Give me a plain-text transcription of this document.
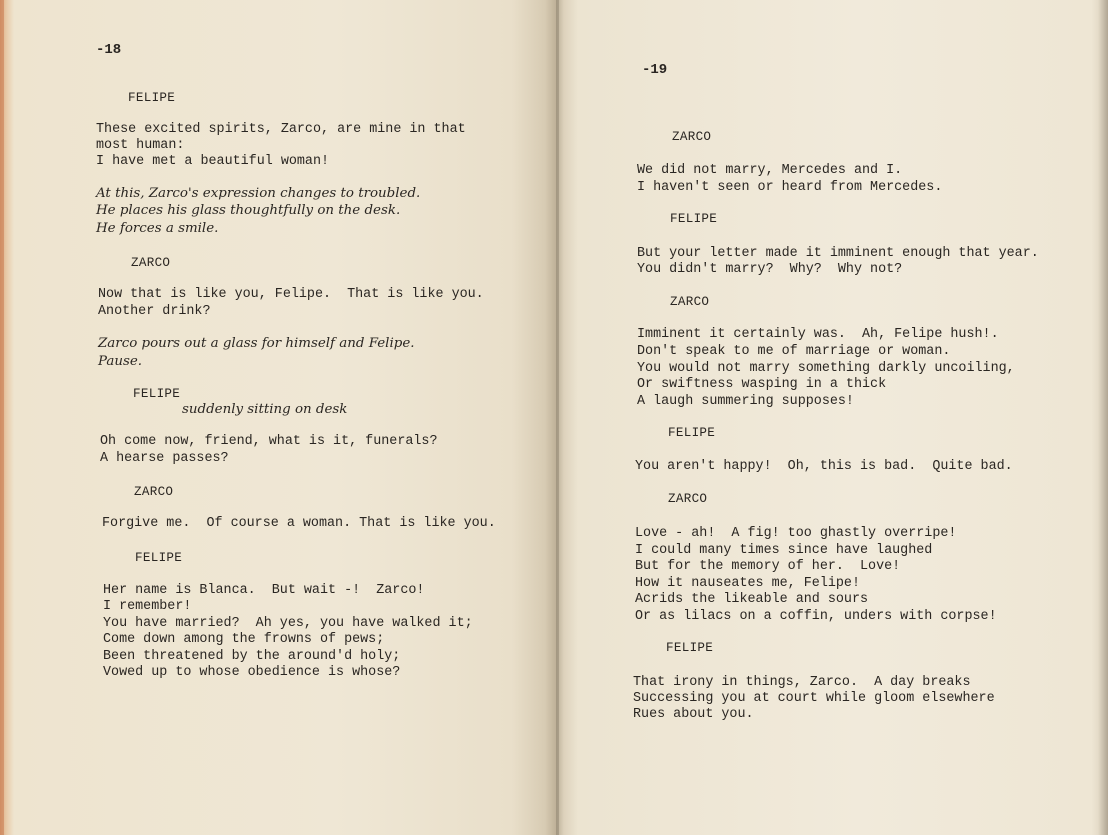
-18
FELIPE
These excited spirits, Zarco, are mine in that
most human:
I have met a beautiful woman!
At this, Zarco's expression changes to troubled.
He places his glass thoughtfully on the desk.
He forces a smile.
ZARCO
Now that is like you, Felipe.  That is like you.
Another drink?
Zarco pours out a glass for himself and Felipe.
Pause.
FELIPE
suddenly sitting on desk
Oh come now, friend, what is it, funerals?
A hearse passes?
ZARCO
Forgive me.  Of course a woman. That is like you.
FELIPE
Her name is Blanca.  But wait -!  Zarco!
I remember!
You have married?  Ah yes, you have walked it;
Come down among the frowns of pews;
Been threatened by the around'd holy;
Vowed up to whose obedience is whose?
-19
ZARCO
We did not marry, Mercedes and I.
I haven't seen or heard from Mercedes.
FELIPE
But your letter made it imminent enough that year.
You didn't marry?  Why?  Why not?
ZARCO
Imminent it certainly was.  Ah, Felipe hush!.
Don't speak to me of marriage or woman.
You would not marry something darkly uncoiling,
Or swiftness wasping in a thick
A laugh summering supposes!
FELIPE
You aren't happy!  Oh, this is bad.  Quite bad.
ZARCO
Love - ah!  A fig! too ghastly overripe!
I could many times since have laughed
But for the memory of her.  Love!
How it nauseates me, Felipe!
Acrids the likeable and sours
Or as lilacs on a coffin, unders with corpse!
FELIPE
That irony in things, Zarco.  A day breaks
Successing you at court while gloom elsewhere
Rues about you.
